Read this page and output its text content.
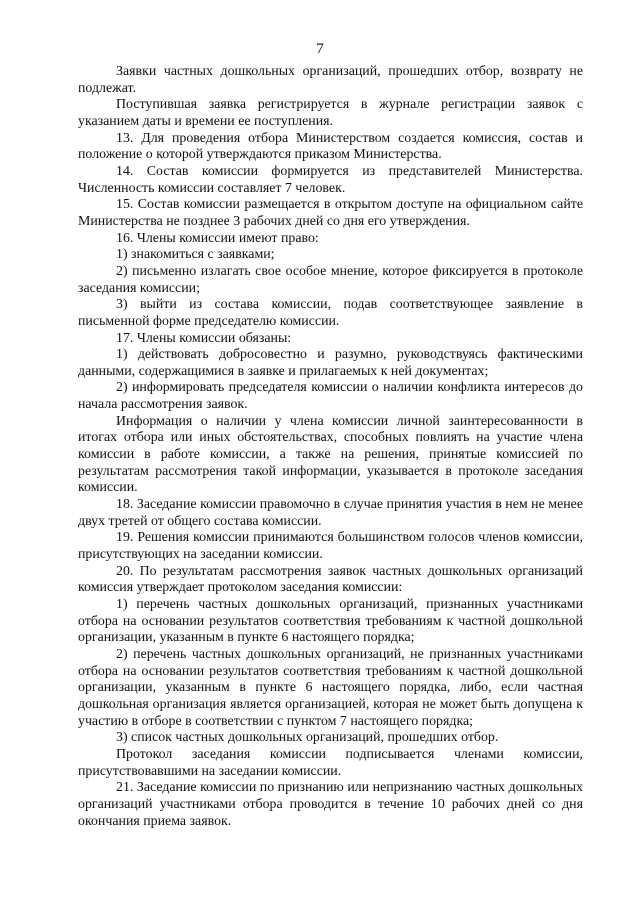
7

Заявки частных дошкольных организаций, прошедших отбор, возврату не подлежат.

Поступившая заявка регистрируется в журнале регистрации заявок с указанием даты и времени ее поступления.

13. Для проведения отбора Министерством создается комиссия, состав и положение о которой утверждаются приказом Министерства.

14. Состав комиссии формируется из представителей Министерства. Численность комиссии составляет 7 человек.

15. Состав комиссии размещается в открытом доступе на официальном сайте Министерства не позднее 3 рабочих дней со дня его утверждения.

16. Члены комиссии имеют право:

1) знакомиться с заявками;

2) письменно излагать свое особое мнение, которое фиксируется в протоколе заседания комиссии;

3) выйти из состава комиссии, подав соответствующее заявление в письменной форме председателю комиссии.

17. Члены комиссии обязаны:

1) действовать добросовестно и разумно, руководствуясь фактическими данными, содержащимися в заявке и прилагаемых к ней документах;

2) информировать председателя комиссии о наличии конфликта интересов до начала рассмотрения заявок.

Информация о наличии у члена комиссии личной заинтересованности в итогах отбора или иных обстоятельствах, способных повлиять на участие члена комиссии в работе комиссии, а также на решения, принятые комиссией по результатам рассмотрения такой информации, указывается в протоколе заседания комиссии.

18. Заседание комиссии правомочно в случае принятия участия в нем не менее двух третей от общего состава комиссии.

19. Решения комиссии принимаются большинством голосов членов комиссии, присутствующих на заседании комиссии.

20. По результатам рассмотрения заявок частных дошкольных организаций комиссия утверждает протоколом заседания комиссии:

1) перечень частных дошкольных организаций, признанных участниками отбора на основании результатов соответствия требованиям к частной дошкольной организации, указанным в пункте 6 настоящего порядка;

2) перечень частных дошкольных организаций, не признанных участниками отбора на основании результатов соответствия требованиям к частной дошкольной организации, указанным в пункте 6 настоящего порядка, либо, если частная дошкольная организация является организацией, которая не может быть допущена к участию в отборе в соответствии с пунктом 7 настоящего порядка;

3) список частных дошкольных организаций, прошедших отбор.

Протокол заседания комиссии подписывается членами комиссии, присутствовавшими на заседании комиссии.

21. Заседание комиссии по признанию или непризнанию частных дошкольных организаций участниками отбора проводится в течение 10 рабочих дней со дня окончания приема заявок.
